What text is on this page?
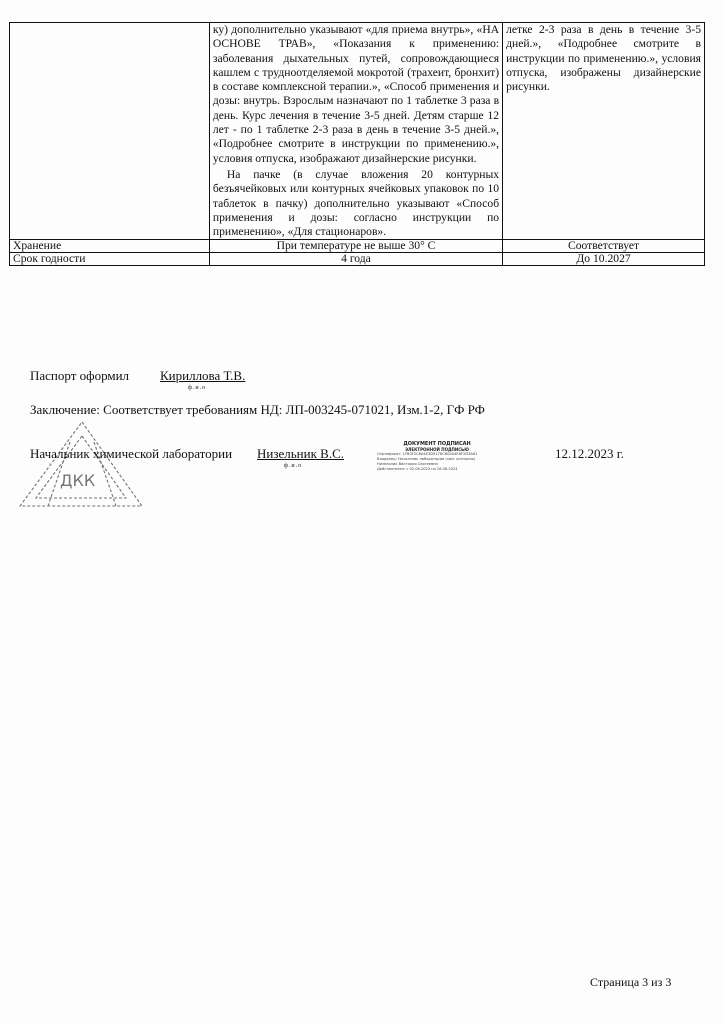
	ку) дополнительно указывают «для приема внутрь», «НА ОСНОВЕ ТРАВ», «Показания к применению: заболевания дыхательных путей, сопровождающиеся кашлем с трудноотделяемой мокротой (трахеит, бронхит) в составе комплексной терапии.», «Способ применения и дозы: внутрь. Взрослым назначают по 1 таблетке 3 раза в день. Курс лечения в течение 3-5 дней. Детям старше 12 лет - по 1 таблетке 2-3 раза в день в течение 3-5 дней.», «Подробнее смотрите в инструкции по применению.», условия отпуска, изображают дизайнерские рисунки.
На пачке (в случае вложения 20 контурных безъячейковых или контурных ячейковых упаковок по 10 таблеток в пачку) дополнительно указывают «Способ применения и дозы: согласно инструкции по применению», «Для стационаров».	летке 2-3 раза в день в течение 3-5 дней.», «Подробнее смотрите в инструкции по применению.», условия отпуска, изображены дизайнерские рисунки.

Хранение	При температуре не выше 30° С	Соответствует
Срок годности	4 года	До 10.2027
Паспорт оформил Кириллова Т.В.
ф.и.о
Заключение: Соответствует требованиям НД: ЛП-003245-071021, Изм.1-2, ГФ РФ
ДКК
Начальник химической лаборатории Низельник В.С.
ф.и.о
ДОКУМЕНТ ПОДПИСАН
ЭЛЕКТРОННОЙ ПОДПИСЬЮ
Сертификат: 1FB0F2C8A4E3D9176CB05A4E8F2D3A61
Владелец: Начальник лаборатории (хим. контроль)
Низельник Виктория Сергеевна
Действителен: с 02.06.2023 по 26.08.2024
12.12.2023 г.
Страница 3 из 3
